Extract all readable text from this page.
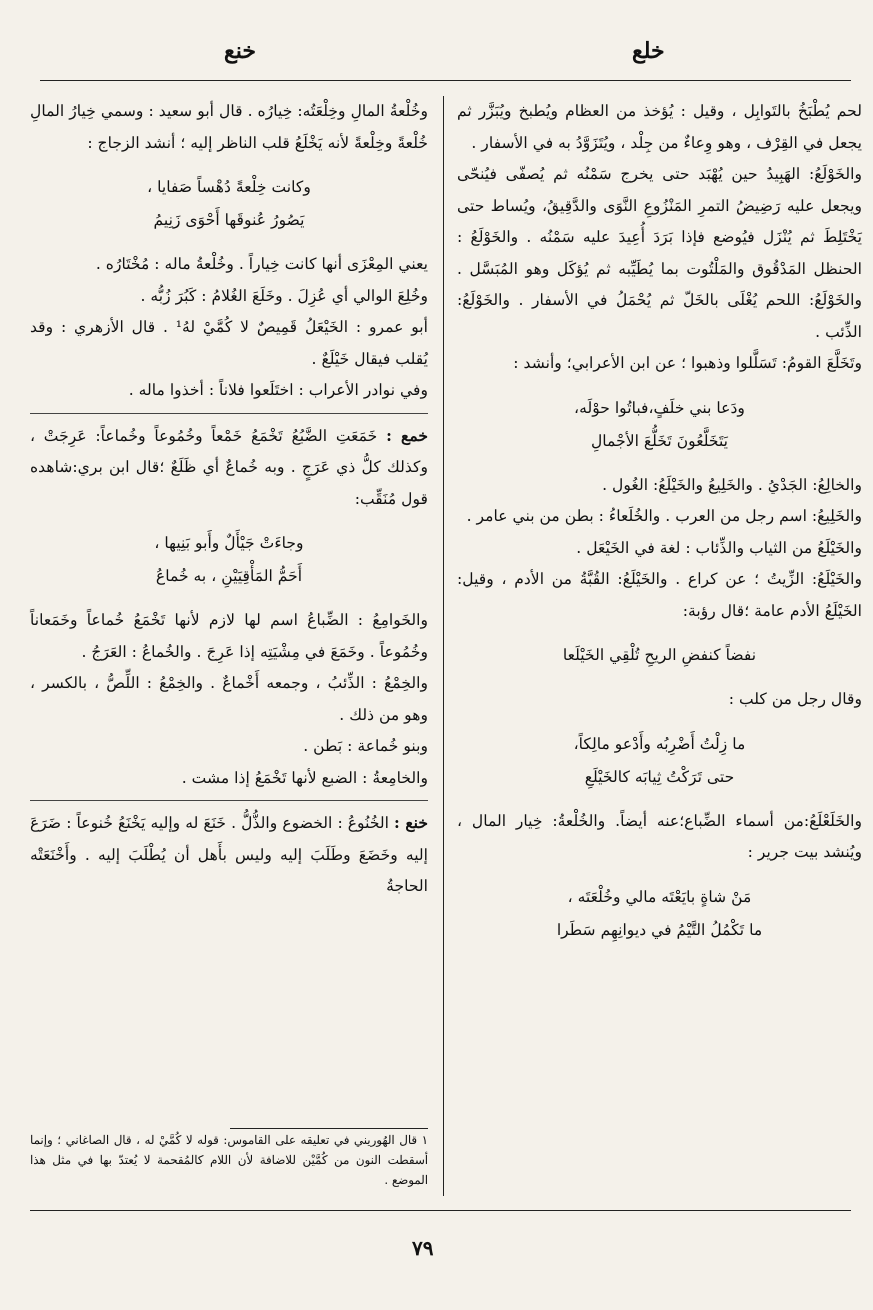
خلع
خنع

لحم يُطْبَخُ بالتَوابِل ، وقيل : يُؤخذ من العظام ويُطبخ ويُبَزَّر ثم يجعل في القِرْف ، وهو وِعاءٌ من جِلْد ، ويُتَزَوَّدُ به في الأسفار .

والخَوْلَعُ: الهَبِيدُ حين يُهْبَد حتى يخرج سَمْنُه ثم يُصفّى فيُنحّى ويجعل عليه رَضِيضُ التمرِ المَنْزُوعِ النَّوَى والدَّقِيقُ، ويُساط حتى يَخْتَلِطَ ثم يُنْزَل فيُوضع فإذا بَرَدَ أُعِيدَ عليه سَمْنُه . والخَوْلَعُ : الحنظل المَدْقُوق والمَلْتُوت بما يُطَيِّبه ثم يُؤكَل وهو المُبَسَّل . والخَوْلَعُ: اللحم يُغْلَى بالخَلّ ثم يُحْمَلُ في الأسفار . والخَوْلَعُ: الذِّئب .

وتَخَلَّعَ القومُ: تَسَلَّلوا وذهبوا ؛ عن ابن الأعرابي؛ وأنشد :

ودَعا بني خلَفٍ،فباتُوا حوْلَه،
يَتَخَلَّعُونَ تَخَلُّعَ الأجْمالِ

والخالِعُ: الجَدْيُ . والخَلِيعُ والخَيْلَعُ: الغُول .

والخَلِيعُ: اسم رجل من العرب . والخُلَعاءُ : بطن من بني عامر .

والخَيْلَعُ من الثياب والذِّئاب : لغة في الخَيْعَل .

والخَيْلَعُ: الزِّيتُ ؛ عن كراع . والخَيْلَعُ: القُبَّةُ من الأدم ، وقيل: الخَيْلَعُ الأدم عامة ؛قال رؤبة:

نفضاً كنفضِ الريحِ تُلْقِي الخَيْلَعا

وقال رجل من كلب :

ما زِلْتُ أَضْرِبُه وأَدْعو مالِكاً،
حتى تَرَكْتُ ثِيابَه كالخَيْلَعِ

والخَلَعْلَعُ:من أسماء الضِّباع؛عنه أيضاً. والخُلْعةُ: خِيار المال ، ويُنشد بيت جرير :

مَنْ شاةٍ بايَعْتَه مالي وخُلْعَتَه ،
ما تَكْمُلُ التَّيْمُ في ديوانِهِم سَطَرا

وخُلْعةُ المالِ وخِلْعَتُه: خِيارُه . قال أبو سعيد : وسمي خِيارُ المالِ خُلْعةً وخِلْعةً لأنه يَخْلَعُ قلب الناظر إليه ؛ أنشد الزجاج :

وكانت خِلْعةً دُهْساً صَفايا ،
يَصُورُ عُنوقَها أَحْوَى زَنِيمُ

يعني المِعْزَى أنها كانت خِياراً . وخُلْعةُ ماله : مُخْتَارُه .

وخُلِعَ الوالي أي عُزِلَ . وخَلَعَ الغُلامُ : كَبُرَ زُبُّه .

أبو عمرو : الخَيْعَلُ قَمِيصٌ لا كُمَّيْ لهُ¹ . قال الأزهري : وقد يُقلب فيقال خَيْلَعٌ .

وفي نوادر الأعراب : اختَلَعوا فلاناً : أخذوا ماله .

خمع : خَمَعَتِ الضَّبُعُ تَخْمَعُ خَمْعاً وخُمُوعاً وخُماعاً: عَرِجَتْ ، وكذلك كلُّ ذي عَرَجٍ . وبه خُماعٌ أي ظَلَعٌ ؛قال ابن بري:شاهده قول مُنَقِّب:

وجاءَتْ جَيْأَلٌ وأَبو بَنِيها ،
أَحَمُّ المَأْقِيَيْنِ ، به خُماعُ

والخَوامِعُ : الضِّباعُ اسم لها لازم لأنها تَخْمَعُ خُماعاً وخَمَعاناً وخُمُوعاً . وخَمَعَ في مِشْيَتِه إذا عَرِجَ . والخُماعُ : العَرَجُ .

والخِمْعُ : الذِّئبُ ، وجمعه أَخْماعٌ . والخِمْعُ : اللِّصُّ ، بالكسر ، وهو من ذلك .

وبنو خُماعة : بَطن .

والخامِعةُ : الضبع لأنها تَخْمَعُ إذا مشت .

خنع : الخُنُوعُ : الخضوع والذُّلُّ . خَنَعَ له وإليه يَخْنَعُ خُنوعاً : ضَرَعَ إليه وخَضَعَ وطَلَبَ إليه وليس بأَهل أن يُطْلَبَ إليه . وأَخْنَعَتْه الحاجةُ

١ قال الهُوريني في تعليقه على القاموس: قوله لا كُمَّيْ له ، قال الصاغاني ؛ وإنما أسقطت النون من كُمَّيْن للاضافة لأن اللام كالمُقحمة لا يُعتدّ بها في مثل هذا الموضع .
٧٩
